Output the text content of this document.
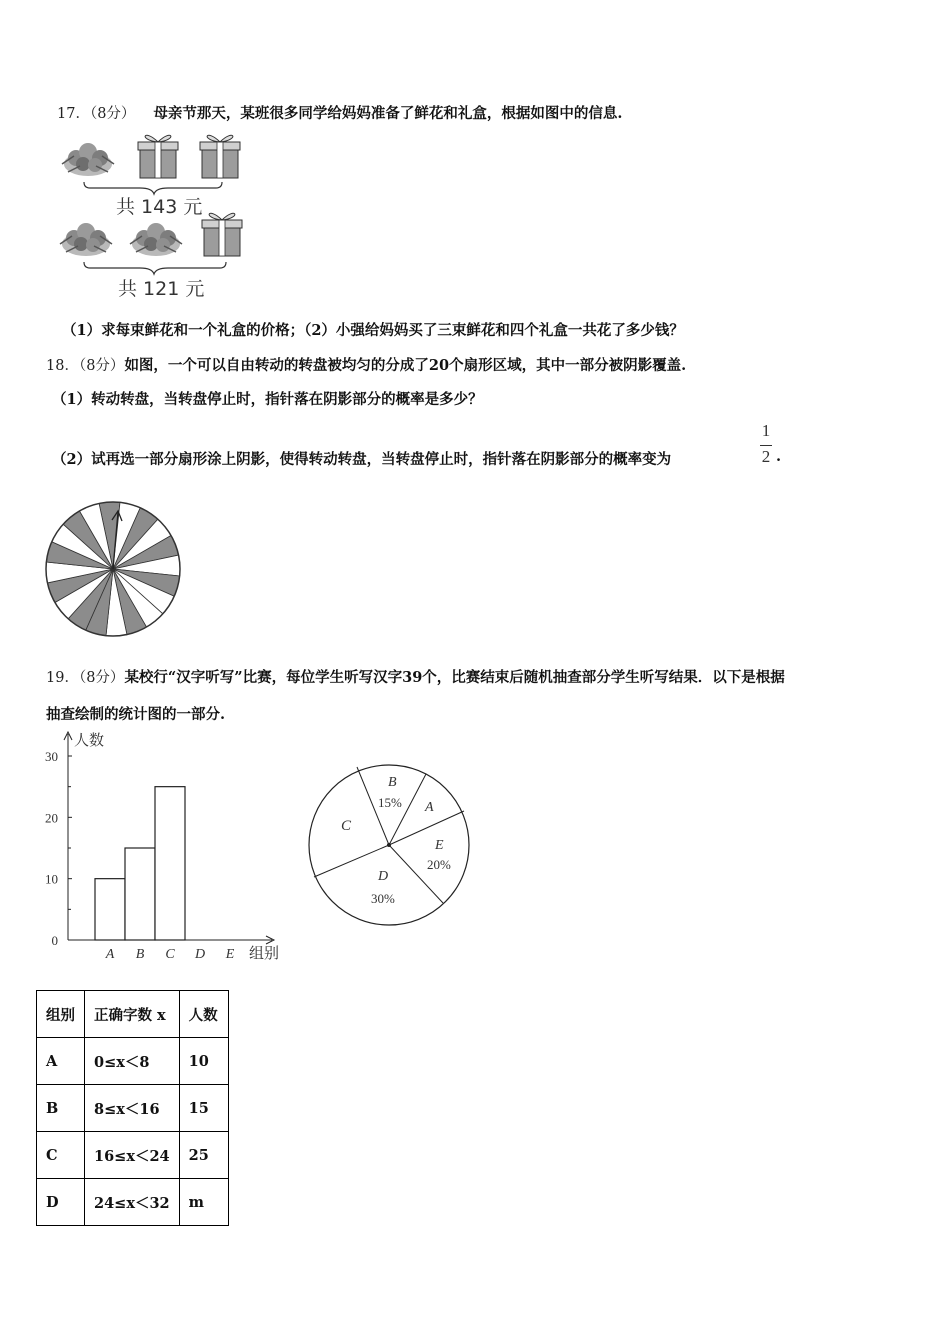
17．（8分） 母亲节那天，某班很多同学给妈妈准备了鲜花和礼盒，根据如图中的信息.
共 143 元
共 121 元
（1）求每束鲜花和一个礼盒的价格；（2）小强给妈妈买了三束鲜花和四个礼盒一共花了多少钱？
18．（8分）如图，一个可以自由转动的转盘被均匀的分成了20个扇形区域，其中一部分被阴影覆盖.
（1）转动转盘，当转盘停止时，指针落在阴影部分的概率是多少？
（2）试再选一部分扇形涂上阴影，使得转动转盘，当转盘停止时，指针落在阴影部分的概率变为
1
2 .
19．（8分）某校行“汉字听写”比赛，每位学生听写汉字39个，比赛结束后随机抽查部分学生听写结果．以下是根据
抽查绘制的统计图的一部分.
人数
组别
0
10
20
30
A B C D E
C
B
15% A
E
20%
D
30%
组别	正确字数 x	人数
A	0≤x＜8	10
B	8≤x＜16	15
C	16≤x＜24	25
D	24≤x＜32	m
